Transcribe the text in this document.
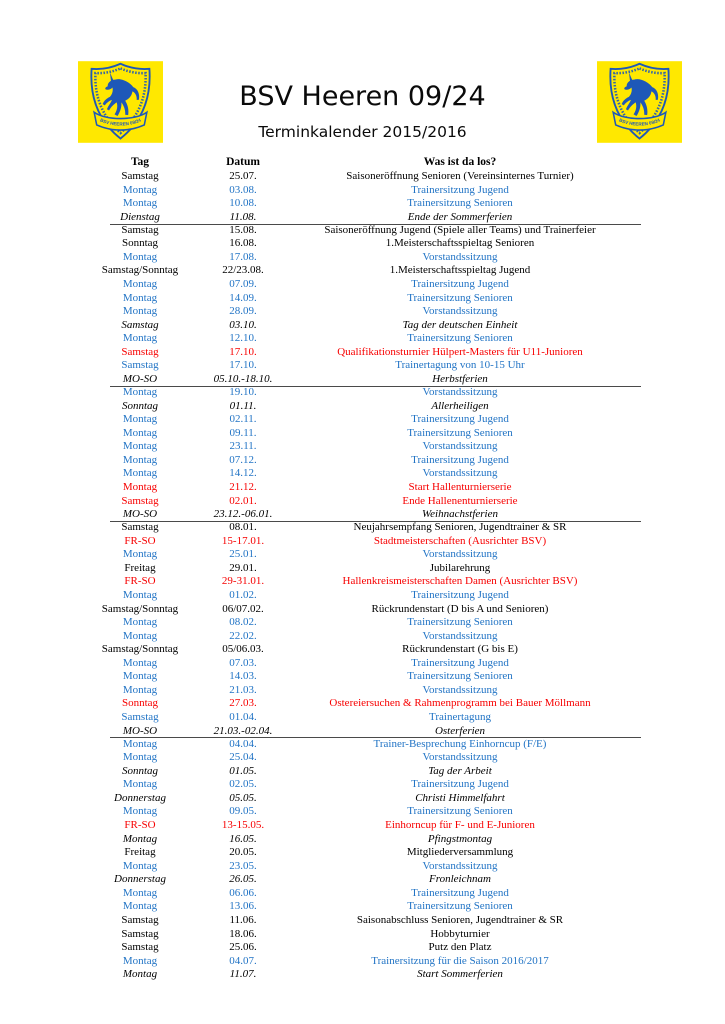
BSV HEEREN 09/24	BSV HEEREN 09/24
BSV Heeren 09/24
Terminkalender 2015/2016
Tag	Datum	Was ist da los?
Samstag	25.07.	Saisoneröffnung Senioren (Vereinsinternes Turnier)
Montag	03.08.	Trainersitzung Jugend
Montag	10.08.	Trainersitzung Senioren
Dienstag	11.08.	Ende der Sommerferien
Samstag	15.08.	Saisoneröffnung Jugend (Spiele aller Teams) und Trainerfeier
Sonntag	16.08.	1.Meisterschaftsspieltag Senioren
Montag	17.08.	Vorstandssitzung
Samstag/Sonntag	22/23.08.	1.Meisterschaftsspieltag Jugend
Montag	07.09.	Trainersitzung Jugend
Montag	14.09.	Trainersitzung Senioren
Montag	28.09.	Vorstandssitzung
Samstag	03.10.	Tag der deutschen Einheit
Montag	12.10.	Trainersitzung Senioren
Samstag	17.10.	Qualifikationsturnier Hülpert-Masters für U11-Junioren
Samstag	17.10.	Trainertagung von 10-15 Uhr
MO-SO	05.10.-18.10.	Herbstferien
Montag	19.10.	Vorstandssitzung
Sonntag	01.11.	Allerheiligen
Montag	02.11.	Trainersitzung Jugend
Montag	09.11.	Trainersitzung Senioren
Montag	23.11.	Vorstandssitzung
Montag	07.12.	Trainersitzung Jugend
Montag	14.12.	Vorstandssitzung
Montag	21.12.	Start Hallenturnierserie
Samstag	02.01.	Ende Hallenenturnierserie
MO-SO	23.12.-06.01.	Weihnachstferien
Samstag	08.01.	Neujahrsempfang Senioren, Jugendtrainer & SR
FR-SO	15-17.01.	Stadtmeisterschaften (Ausrichter BSV)
Montag	25.01.	Vorstandssitzung
Freitag	29.01.	Jubilarehrung
FR-SO	29-31.01.	Hallenkreismeisterschaften Damen (Ausrichter BSV)
Montag	01.02.	Trainersitzung Jugend
Samstag/Sonntag	06/07.02.	Rückrundenstart (D bis A und Senioren)
Montag	08.02.	Trainersitzung Senioren
Montag	22.02.	Vorstandssitzung
Samstag/Sonntag	05/06.03.	Rückrundenstart (G bis E)
Montag	07.03.	Trainersitzung Jugend
Montag	14.03.	Trainersitzung Senioren
Montag	21.03.	Vorstandssitzung
Sonntag	27.03.	Ostereiersuchen & Rahmenprogramm bei Bauer Möllmann
Samstag	01.04.	Trainertagung
MO-SO	21.03.-02.04.	Osterferien
Montag	04.04.	Trainer-Besprechung Einhorncup (F/E)
Montag	25.04.	Vorstandssitzung
Sonntag	01.05.	Tag der Arbeit
Montag	02.05.	Trainersitzung Jugend
Donnerstag	05.05.	Christi Himmelfahrt
Montag	09.05.	Trainersitzung Senioren
FR-SO	13-15.05.	Einhorncup für F- und E-Junioren
Montag	16.05.	Pfingstmontag
Freitag	20.05.	Mitgliederversammlung
Montag	23.05.	Vorstandssitzung
Donnerstag	26.05.	Fronleichnam
Montag	06.06.	Trainersitzung Jugend
Montag	13.06.	Trainersitzung Senioren
Samstag	11.06.	Saisonabschluss Senioren, Jugendtrainer & SR
Samstag	18.06.	Hobbyturnier
Samstag	25.06.	Putz den Platz
Montag	04.07.	Trainersitzung für die Saison 2016/2017
Montag	11.07.	Start Sommerferien
